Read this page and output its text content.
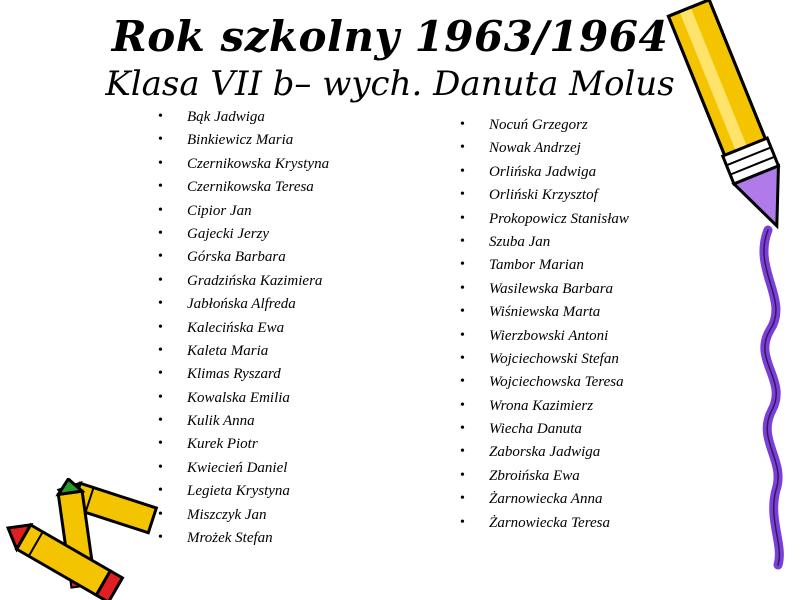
Rok szkolny 1963/1964
Klasa VII b– wych. Danuta Molus
• Bąk Jadwiga
• Binkiewicz Maria
• Czernikowska Krystyna
• Czernikowska Teresa
• Cipior Jan
• Gajecki Jerzy
• Górska Barbara
• Gradzińska Kazimiera
• Jabłońska Alfreda
• Kalecińska Ewa
• Kaleta Maria
• Klimas Ryszard
• Kowalska Emilia
• Kulik Anna
• Kurek Piotr
• Kwiecień Daniel
• Legieta Krystyna
• Miszczyk Jan
• Mrożek Stefan
• Nocuń Grzegorz
• Nowak Andrzej
• Orlińska Jadwiga
• Orliński Krzysztof
• Prokopowicz Stanisław
• Szuba Jan
• Tambor Marian
• Wasilewska Barbara
• Wiśniewska Marta
• Wierzbowski Antoni
• Wojciechowski Stefan
• Wojciechowska Teresa
• Wrona Kazimierz
• Wiecha Danuta
• Zaborska Jadwiga
• Zbroińska Ewa
• Żarnowiecka Anna
• Żarnowiecka Teresa
